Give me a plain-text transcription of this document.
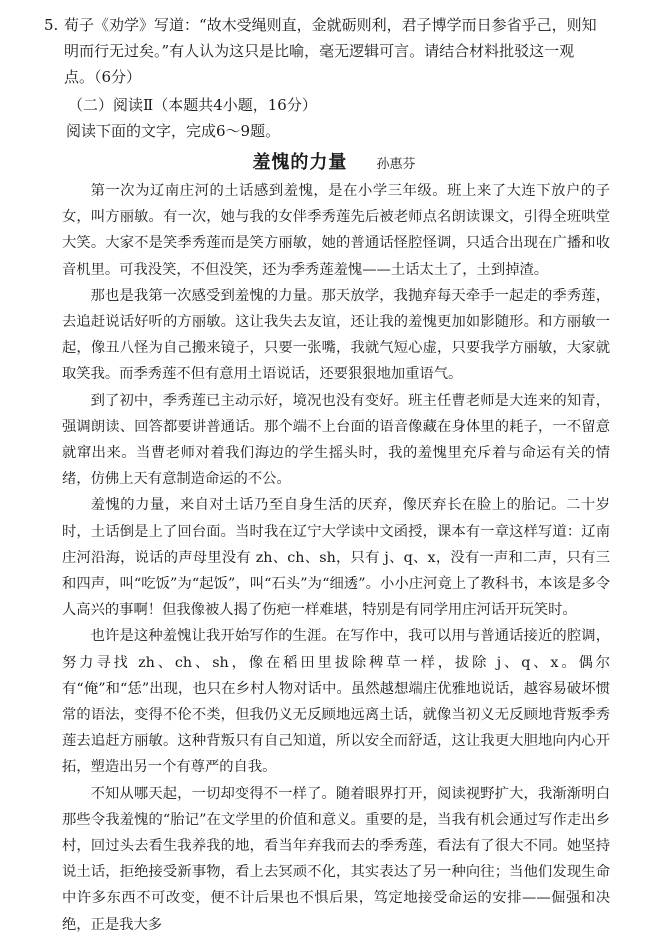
5. 荀子《劝学》写道：“故木受绳则直，金就砺则利，君子博学而日参省乎己，则知明而行无过矣。”有人认为这只是比喻，毫无逻辑可言。请结合材料批驳这一观点。（6分）
（二）阅读Ⅱ（本题共4小题，16分）
阅读下面的文字，完成6～9题。
羞愧的力量 孙惠芬

第一次为辽南庄河的土话感到羞愧，是在小学三年级。班上来了大连下放户的子女，叫方丽敏。有一次，她与我的女伴季秀莲先后被老师点名朗读课文，引得全班哄堂大笑。大家不是笑季秀莲而是笑方丽敏，她的普通话怪腔怪调，只适合出现在广播和收音机里。可我没笑，不但没笑，还为季秀莲羞愧——土话太土了，土到掉渣。

那也是我第一次感受到羞愧的力量。那天放学，我抛弃每天牵手一起走的季秀莲，去追赶说话好听的方丽敏。这让我失去友谊，还让我的羞愧更加如影随形。和方丽敏一起，像丑八怪为自己搬来镜子，只要一张嘴，我就气短心虚，只要我学方丽敏，大家就取笑我。而季秀莲不但有意用土语说话，还要狠狠地加重语气。

到了初中，季秀莲已主动示好，境况也没有变好。班主任曹老师是大连来的知青，强调朗读、回答都要讲普通话。那个端不上台面的语音像藏在身体里的耗子，一不留意就窜出来。当曹老师对着我们海边的学生摇头时，我的羞愧里充斥着与命运有关的情绪，仿佛上天有意制造命运的不公。

羞愧的力量，来自对土话乃至自身生活的厌弃，像厌弃长在脸上的胎记。二十岁时，土话倒是上了回台面。当时我在辽宁大学读中文函授，课本有一章这样写道：辽南庄河沿海，说话的声母里没有 zh、ch、sh，只有 j、q、x，没有一声和二声，只有三和四声，叫“吃饭”为“起饭”，叫“石头”为“细透”。小小庄河竟上了教科书，本该是多令人高兴的事啊！但我像被人揭了伤疤一样难堪，特别是有同学用庄河话开玩笑时。

也许是这种羞愧让我开始写作的生涯。在写作中，我可以用与普通话接近的腔调，努力寻找 zh、ch、sh，像在稻田里拔除稗草一样，拔除 j、q、x。偶尔有“俺”和“恁”出现，也只在乡村人物对话中。虽然越想端庄优雅地说话，越容易破坏惯常的语法，变得不伦不类，但我仍义无反顾地远离土话，就像当初义无反顾地背叛季秀莲去追赶方丽敏。这种背叛只有自己知道，所以安全而舒适，这让我更大胆地向内心开拓，塑造出另一个有尊严的自我。

不知从哪天起，一切却变得不一样了。随着眼界打开，阅读视野扩大，我渐渐明白那些令我羞愧的“胎记”在文学里的价值和意义。重要的是，当我有机会通过写作走出乡村，回过头去看生我养我的地，看当年弃我而去的季秀莲，看法有了很大不同。她坚持说土话，拒绝接受新事物，看上去冥顽不化，其实表达了另一种向往；当他们发现生命中许多东西不可改变，便不计后果也不惧后果，笃定地接受命运的安排——倔强和决绝，正是我大多
